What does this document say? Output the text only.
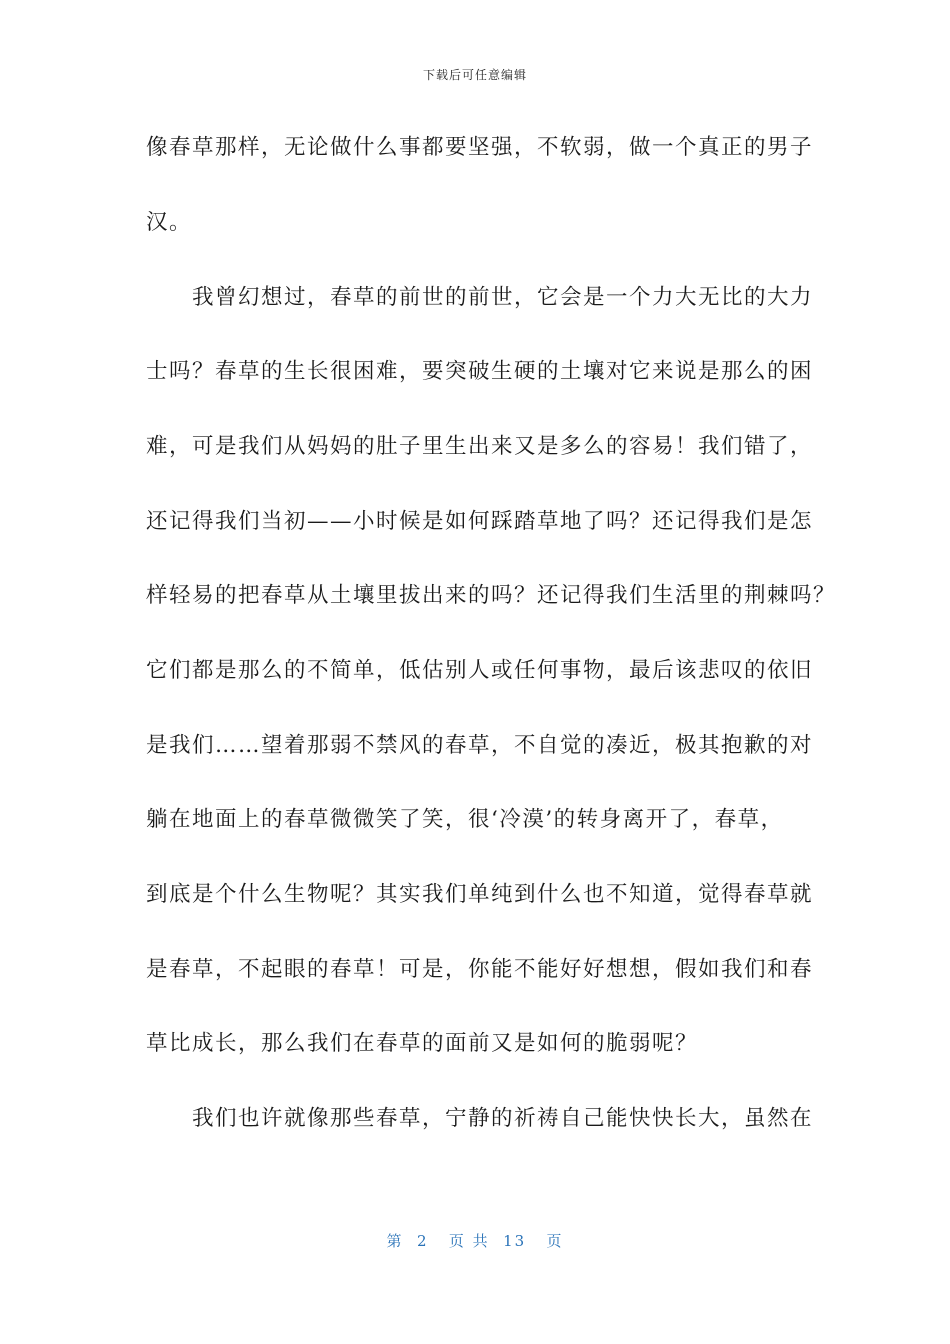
下载后可任意编辑
像春草那样，无论做什么事都要坚强，不软弱，做一个真正的男子
汉。
　　我曾幻想过，春草的前世的前世，它会是一个力大无比的大力
士吗？春草的生长很困难，要突破生硬的土壤对它来说是那么的困
难，可是我们从妈妈的肚子里生出来又是多么的容易！我们错了，
还记得我们当初——小时候是如何踩踏草地了吗？还记得我们是怎
样轻易的把春草从土壤里拔出来的吗？还记得我们生活里的荆棘吗？
它们都是那么的不简单，低估别人或任何事物，最后该悲叹的依旧
是我们……望着那弱不禁风的春草，不自觉的凑近，极其抱歉的对
躺在地面上的春草微微笑了笑，很‘冷漠’的转身离开了，春草，
到底是个什么生物呢？其实我们单纯到什么也不知道，觉得春草就
是春草，不起眼的春草！可是，你能不能好好想想，假如我们和春
草比成长，那么我们在春草的面前又是如何的脆弱呢？
　　我们也许就像那些春草，宁静的祈祷自己能快快长大，虽然在
第  2   页 共  13   页
